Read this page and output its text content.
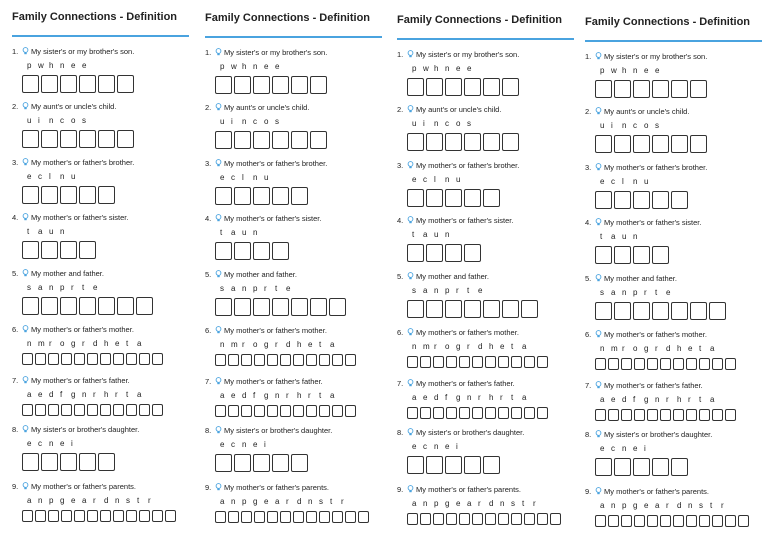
Family Connections - Definition
1. My sister's or my brother's son.
p w h n e e
2. My aunt's or uncle's child.
u i n c o s
3. My mother's or father's brother.
e c l n u
4. My mother's or father's sister.
t a u n
5. My mother and father.
s a n p r t e
6. My mother's or father's mother.
n m r o g r d h e t a
7. My mother's or father's father.
a e d f g n r h r t a
8. My sister's or brother's daughter.
e c n e i
9. My mother's or father's parents.
a n p g e a r d n s t r
Family Connections - Definition
1. My sister's or my brother's son.
p w h n e e
2. My aunt's or uncle's child.
u i n c o s
3. My mother's or father's brother.
e c l n u
4. My mother's or father's sister.
t a u n
5. My mother and father.
s a n p r t e
6. My mother's or father's mother.
n m r o g r d h e t a
7. My mother's or father's father.
a e d f g n r h r t a
8. My sister's or brother's daughter.
e c n e i
9. My mother's or father's parents.
a n p g e a r d n s t r
Family Connections - Definition
1. My sister's or my brother's son.
p w h n e e
2. My aunt's or uncle's child.
u i n c o s
3. My mother's or father's brother.
e c l n u
4. My mother's or father's sister.
t a u n
5. My mother and father.
s a n p r t e
6. My mother's or father's mother.
n m r o g r d h e t a
7. My mother's or father's father.
a e d f g n r h r t a
8. My sister's or brother's daughter.
e c n e i
9. My mother's or father's parents.
a n p g e a r d n s t r
Family Connections - Definition
1. My sister's or my brother's son.
p w h n e e
2. My aunt's or uncle's child.
u i n c o s
3. My mother's or father's brother.
e c l n u
4. My mother's or father's sister.
t a u n
5. My mother and father.
s a n p r t e
6. My mother's or father's mother.
n m r o g r d h e t a
7. My mother's or father's father.
a e d f g n r h r t a
8. My sister's or brother's daughter.
e c n e i
9. My mother's or father's parents.
a n p g e a r d n s t r
